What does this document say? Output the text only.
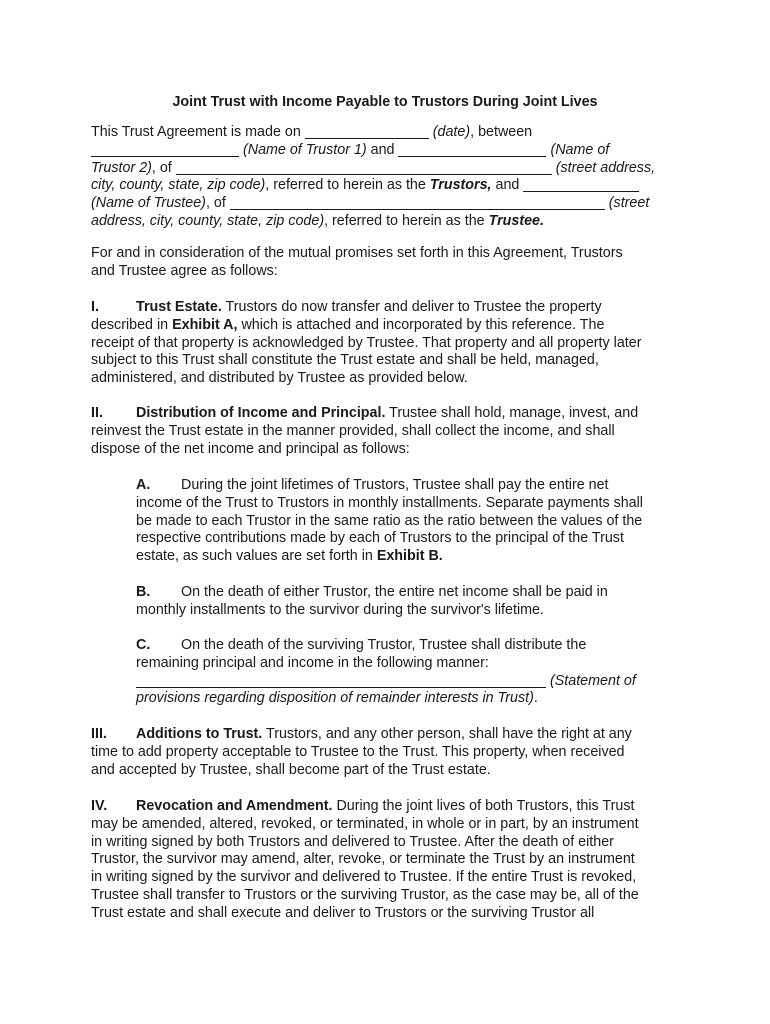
Joint Trust with Income Payable to Trustors During Joint Lives
This Trust Agreement is made on	(date), between
(Name of Trustor 1) and	(Name of
Trustor 2), of	(street address,
city, county, state, zip code), referred to herein as the Trustors, and
(Name of Trustee), of	(street
address, city, county, state, zip code), referred to herein as the Trustee.
For and in consideration of the mutual promises set forth in this Agreement, Trustors
and Trustee agree as follows:
I.	Trust Estate. Trustors do now transfer and deliver to Trustee the property
described in Exhibit A, which is attached and incorporated by this reference. The
receipt of that property is acknowledged by Trustee. That property and all property later
subject to this Trust shall constitute the Trust estate and shall be held, managed,
administered, and distributed by Trustee as provided below.
II. Distribution of Income and Principal. Trustee shall hold, manage, invest, and
reinvest the Trust estate in the manner provided, shall collect the income, and shall
dispose of the net income and principal as follows:
A. During the joint lifetimes of Trustors, Trustee shall pay the entire net
income of the Trust to Trustors in monthly installments. Separate payments shall
be made to each Trustor in the same ratio as the ratio between the values of the
respective contributions made by each of Trustors to the principal of the Trust
estate, as such values are set forth in Exhibit B.
B. On the death of either Trustor, the entire net income shall be paid in
monthly installments to the survivor during the survivor's lifetime.
C. On the death of the surviving Trustor, Trustee shall distribute the
remaining principal and income in the following manner:
(Statement of
provisions regarding disposition of remainder interests in Trust).
III. Additions to Trust. Trustors, and any other person, shall have the right at any
time to add property acceptable to Trustee to the Trust. This property, when received
and accepted by Trustee, shall become part of the Trust estate.
IV. Revocation and Amendment. During the joint lives of both Trustors, this Trust
may be amended, altered, revoked, or terminated, in whole or in part, by an instrument
in writing signed by both Trustors and delivered to Trustee. After the death of either
Trustor, the survivor may amend, alter, revoke, or terminate the Trust by an instrument
in writing signed by the survivor and delivered to Trustee. If the entire Trust is revoked,
Trustee shall transfer to Trustors or the surviving Trustor, as the case may be, all of the
Trust estate and shall execute and deliver to Trustors or the surviving Trustor all
